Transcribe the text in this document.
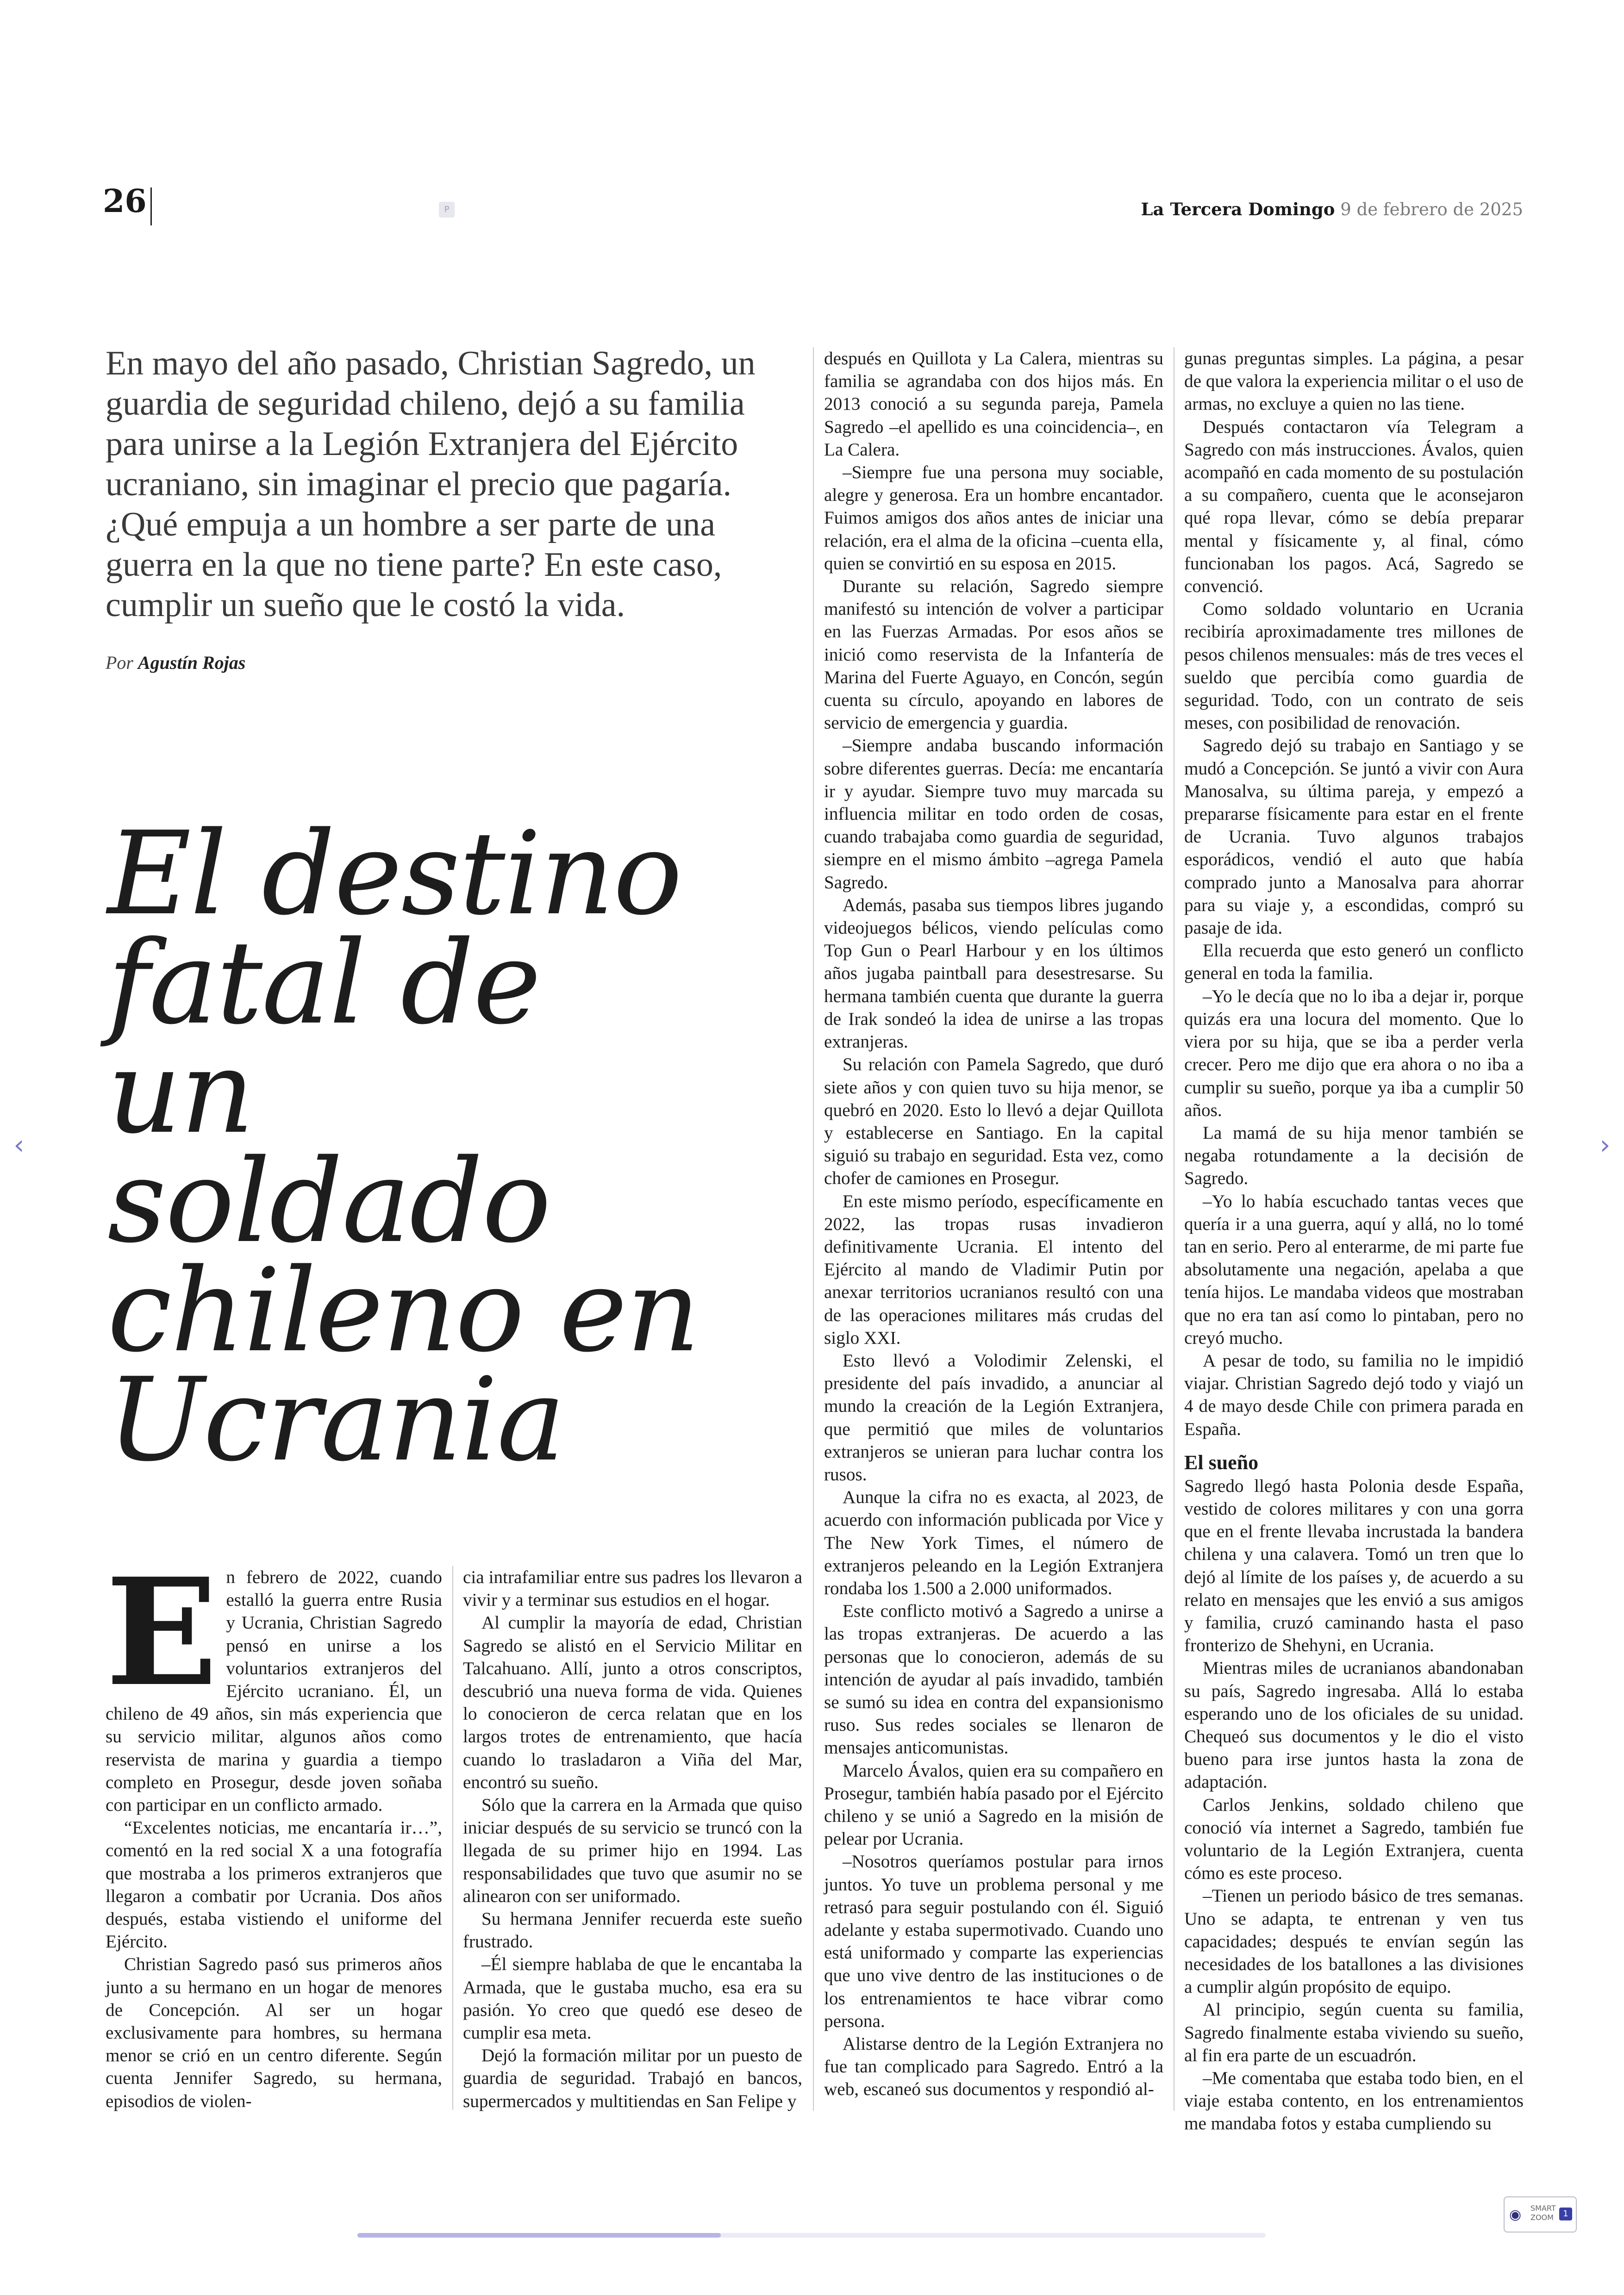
26	P	La Tercera Domingo 9 de febrero de 2025

En mayo del año pasado, Christian Sagredo, un guardia de seguridad chileno, dejó a su familia para unirse a la Legión Extranjera del Ejército ucraniano, sin imaginar el precio que pagaría. ¿Qué empuja a un hombre a ser parte de una guerra en la que no tiene parte? En este caso, cumplir un sueño que le costó la vida.

Por Agustín Rojas
El destino fatal de un soldado chileno en Ucrania

En febrero de 2022, cuando estalló la guerra entre Rusia y Ucrania, Christian Sagredo pensó en unirse a los voluntarios extranjeros del Ejército ucraniano. Él, un chileno de 49 años, sin más experiencia que su servicio militar, algunos años como reservista de marina y guardia a tiempo completo en Prosegur, desde joven soñaba con participar en un conflicto armado.

“Excelentes noticias, me encantaría ir…”, comentó en la red social X a una fotografía que mostraba a los primeros extranjeros que llegaron a combatir por Ucrania. Dos años después, estaba vistiendo el uniforme del Ejército.

Christian Sagredo pasó sus primeros años junto a su hermano en un hogar de menores de Concepción. Al ser un hogar exclusivamente para hombres, su hermana menor se crió en un centro diferente. Según cuenta Jennifer Sagredo, su hermana, episodios de violen-

cia intrafamiliar entre sus padres los llevaron a vivir y a terminar sus estudios en el hogar.

Al cumplir la mayoría de edad, Christian Sagredo se alistó en el Servicio Militar en Talcahuano. Allí, junto a otros conscriptos, descubrió una nueva forma de vida. Quienes lo conocieron de cerca relatan que en los largos trotes de entrenamiento, que hacía cuando lo trasladaron a Viña del Mar, encontró su sueño.

Sólo que la carrera en la Armada que quiso iniciar después de su servicio se truncó con la llegada de su primer hijo en 1994. Las responsabilidades que tuvo que asumir no se alinearon con ser uniformado.

Su hermana Jennifer recuerda este sueño frustrado.

–Él siempre hablaba de que le encantaba la Armada, que le gustaba mucho, esa era su pasión. Yo creo que quedó ese deseo de cumplir esa meta.

Dejó la formación militar por un puesto de guardia de seguridad. Trabajó en bancos, supermercados y multitiendas en San Felipe y

después en Quillota y La Calera, mientras su familia se agrandaba con dos hijos más. En 2013 conoció a su segunda pareja, Pamela Sagredo –el apellido es una coincidencia–, en La Calera.

–Siempre fue una persona muy sociable, alegre y generosa. Era un hombre encantador. Fuimos amigos dos años antes de iniciar una relación, era el alma de la oficina –cuenta ella, quien se convirtió en su esposa en 2015.

Durante su relación, Sagredo siempre manifestó su intención de volver a participar en las Fuerzas Armadas. Por esos años se inició como reservista de la Infantería de Marina del Fuerte Aguayo, en Concón, según cuenta su círculo, apoyando en labores de servicio de emergencia y guardia.

–Siempre andaba buscando información sobre diferentes guerras. Decía: me encantaría ir y ayudar. Siempre tuvo muy marcada su influencia militar en todo orden de cosas, cuando trabajaba como guardia de seguridad, siempre en el mismo ámbito –agrega Pamela Sagredo.

Además, pasaba sus tiempos libres jugando videojuegos bélicos, viendo películas como Top Gun o Pearl Harbour y en los últimos años jugaba paintball para desestresarse. Su hermana también cuenta que durante la guerra de Irak sondeó la idea de unirse a las tropas extranjeras.

Su relación con Pamela Sagredo, que duró siete años y con quien tuvo su hija menor, se quebró en 2020. Esto lo llevó a dejar Quillota y establecerse en Santiago. En la capital siguió su trabajo en seguridad. Esta vez, como chofer de camiones en Prosegur.

En este mismo período, específicamente en 2022, las tropas rusas invadieron definitivamente Ucrania. El intento del Ejército al mando de Vladimir Putin por anexar territorios ucranianos resultó con una de las operaciones militares más crudas del siglo XXI.

Esto llevó a Volodimir Zelenski, el presidente del país invadido, a anunciar al mundo la creación de la Legión Extranjera, que permitió que miles de voluntarios extranjeros se unieran para luchar contra los rusos.

Aunque la cifra no es exacta, al 2023, de acuerdo con información publicada por Vice y The New York Times, el número de extranjeros peleando en la Legión Extranjera rondaba los 1.500 a 2.000 uniformados.

Este conflicto motivó a Sagredo a unirse a las tropas extranjeras. De acuerdo a las personas que lo conocieron, además de su intención de ayudar al país invadido, también se sumó su idea en contra del expansionismo ruso. Sus redes sociales se llenaron de mensajes anticomunistas.

Marcelo Ávalos, quien era su compañero en Prosegur, también había pasado por el Ejército chileno y se unió a Sagredo en la misión de pelear por Ucrania.

–Nosotros queríamos postular para irnos juntos. Yo tuve un problema personal y me retrasó para seguir postulando con él. Siguió adelante y estaba supermotivado. Cuando uno está uniformado y comparte las experiencias que uno vive dentro de las instituciones o de los entrenamientos te hace vibrar como persona.

Alistarse dentro de la Legión Extranjera no fue tan complicado para Sagredo. Entró a la web, escaneó sus documentos y respondió al-

gunas preguntas simples. La página, a pesar de que valora la experiencia militar o el uso de armas, no excluye a quien no las tiene.

Después contactaron vía Telegram a Sagredo con más instrucciones. Ávalos, quien acompañó en cada momento de su postulación a su compañero, cuenta que le aconsejaron qué ropa llevar, cómo se debía preparar mental y físicamente y, al final, cómo funcionaban los pagos. Acá, Sagredo se convenció.

Como soldado voluntario en Ucrania recibiría aproximadamente tres millones de pesos chilenos mensuales: más de tres veces el sueldo que percibía como guardia de seguridad. Todo, con un contrato de seis meses, con posibilidad de renovación.

Sagredo dejó su trabajo en Santiago y se mudó a Concepción. Se juntó a vivir con Aura Manosalva, su última pareja, y empezó a prepararse físicamente para estar en el frente de Ucrania. Tuvo algunos trabajos esporádicos, vendió el auto que había comprado junto a Manosalva para ahorrar para su viaje y, a escondidas, compró su pasaje de ida.

Ella recuerda que esto generó un conflicto general en toda la familia.

–Yo le decía que no lo iba a dejar ir, porque quizás era una locura del momento. Que lo viera por su hija, que se iba a perder verla crecer. Pero me dijo que era ahora o no iba a cumplir su sueño, porque ya iba a cumplir 50 años.

La mamá de su hija menor también se negaba rotundamente a la decisión de Sagredo.

–Yo lo había escuchado tantas veces que quería ir a una guerra, aquí y allá, no lo tomé tan en serio. Pero al enterarme, de mi parte fue absolutamente una negación, apelaba a que tenía hijos. Le mandaba videos que mostraban que no era tan así como lo pintaban, pero no creyó mucho.

A pesar de todo, su familia no le impidió viajar. Christian Sagredo dejó todo y viajó un 4 de mayo desde Chile con primera parada en España.

El sueño

Sagredo llegó hasta Polonia desde España, vestido de colores militares y con una gorra que en el frente llevaba incrustada la bandera chilena y una calavera. Tomó un tren que lo dejó al límite de los países y, de acuerdo a su relato en mensajes que les envió a sus amigos y familia, cruzó caminando hasta el paso fronterizo de Shehyni, en Ucrania.

Mientras miles de ucranianos abandonaban su país, Sagredo ingresaba. Allá lo estaba esperando uno de los oficiales de su unidad. Chequeó sus documentos y le dio el visto bueno para irse juntos hasta la zona de adaptación.

Carlos Jenkins, soldado chileno que conoció vía internet a Sagredo, también fue voluntario de la Legión Extranjera, cuenta cómo es este proceso.

–Tienen un periodo básico de tres semanas. Uno se adapta, te entrenan y ven tus capacidades; después te envían según las necesidades de los batallones a las divisiones a cumplir algún propósito de equipo.

Al principio, según cuenta su familia, Sagredo finalmente estaba viviendo su sueño, al fin era parte de un escuadrón.

–Me comentaba que estaba todo bien, en el viaje estaba contento, en los entrenamientos me mandaba fotos y estaba cumpliendo su

‹	›
◉ SMART
ZOOM	1
